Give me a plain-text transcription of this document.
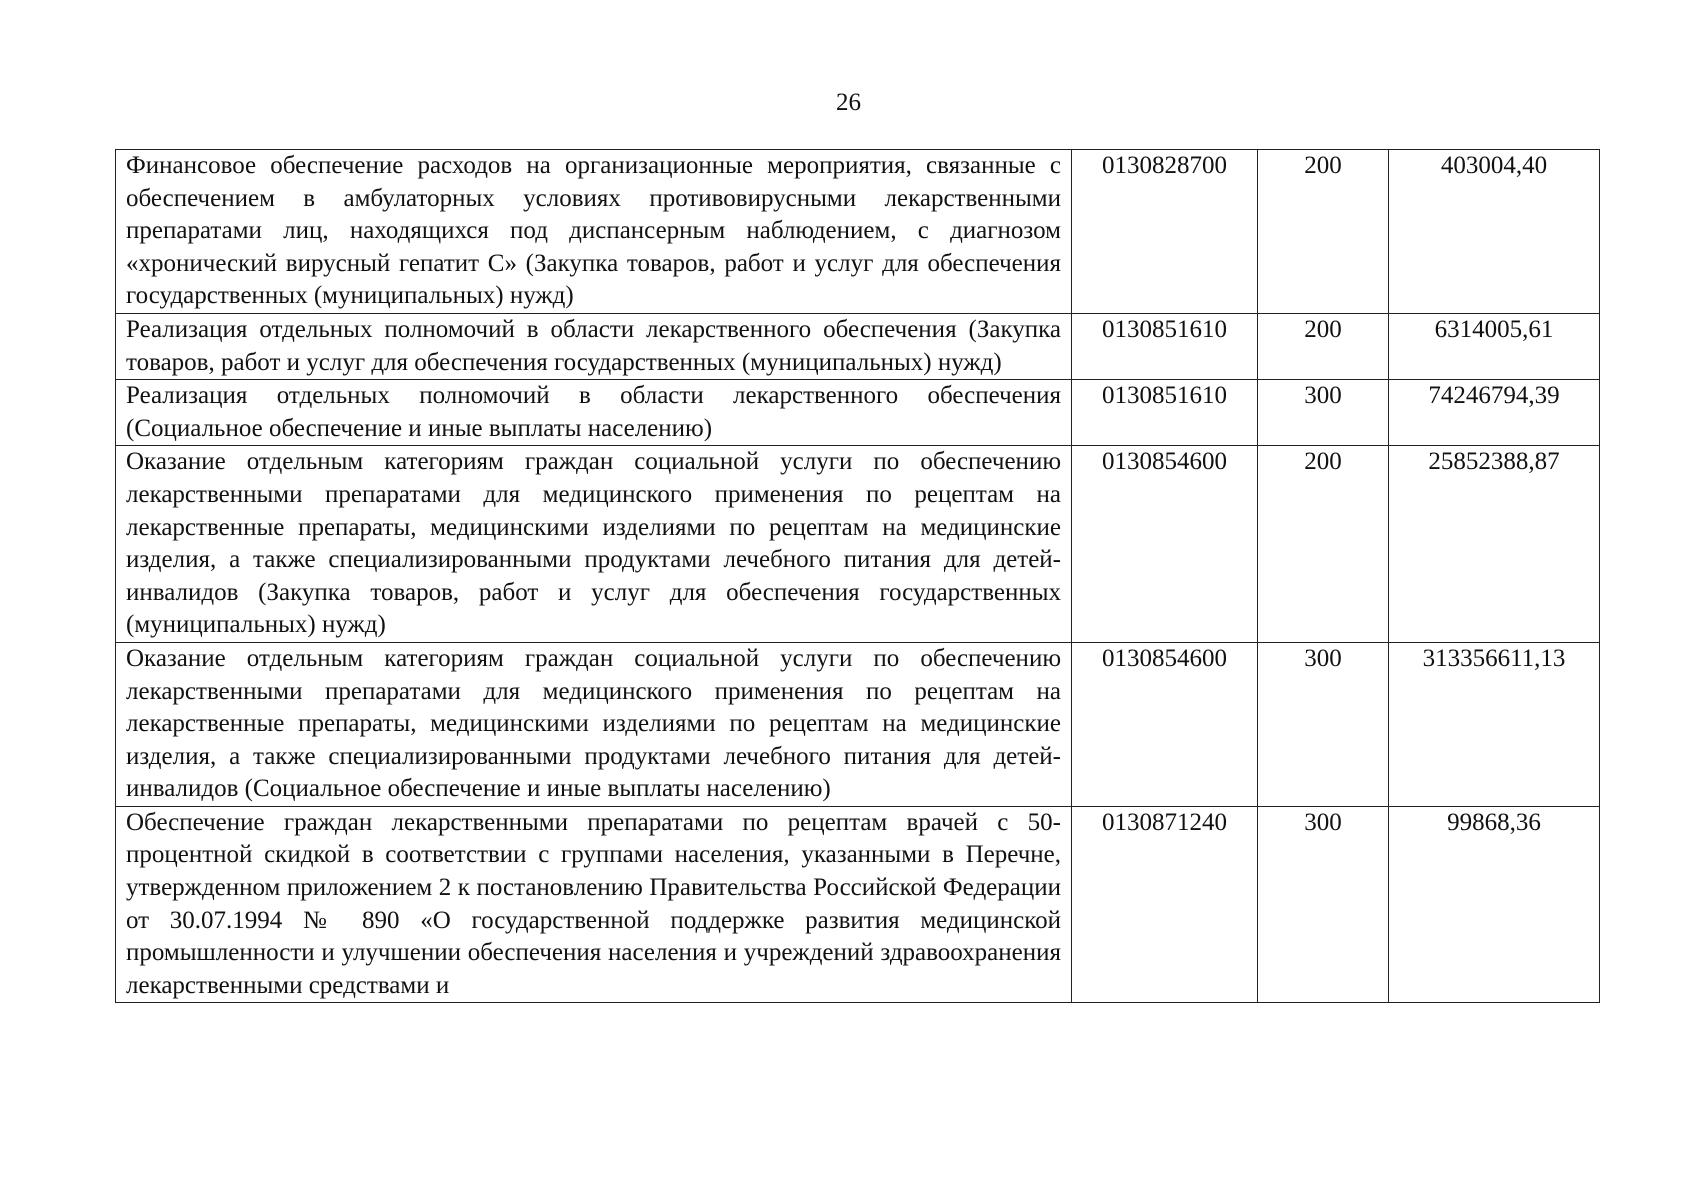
26
Финансовое обеспечение расходов на организационные мероприятия, связанные с обеспечением в амбулаторных условиях противовирусными лекарственными препаратами лиц, находящихся под диспансерным наблюдением, с диагнозом «хронический вирусный гепатит С» (Закупка товаров, работ и услуг для обеспечения государственных (муниципальных) нужд)	0130828700	200	403004,40
Реализация отдельных полномочий в области лекарственного обеспечения (Закупка товаров, работ и услуг для обеспечения государственных (муниципальных) нужд)	0130851610	200	6314005,61
Реализация отдельных полномочий в области лекарственного обеспечения (Социальное обеспечение и иные выплаты населению)	0130851610	300	74246794,39
Оказание отдельным категориям граждан социальной услуги по обеспечению лекарственными препаратами для медицинского применения по рецептам на лекарственные препараты, медицинскими изделиями по рецептам на медицинские изделия, а также специализированными продуктами лечебного питания для детей-инвалидов (Закупка товаров, работ и услуг для обеспечения государственных (муниципальных) нужд)	0130854600	200	25852388,87
Оказание отдельным категориям граждан социальной услуги по обеспечению лекарственными препаратами для медицинского применения по рецептам на лекарственные препараты, медицинскими изделиями по рецептам на медицинские изделия, а также специализированными продуктами лечебного питания для детей-инвалидов (Социальное обеспечение и иные выплаты населению)	0130854600	300	313356611,13
Обеспечение граждан лекарственными препаратами по рецептам врачей с 50-процентной скидкой в соответствии с группами населения, указанными в Перечне, утвержденном приложением 2 к постановлению Правительства Российской Федерации от 30.07.1994 № 890 «О государственной поддержке развития медицинской промышленности и улучшении обеспечения населения и учреждений здравоохранения лекарственными средствами и	0130871240	300	99868,36
